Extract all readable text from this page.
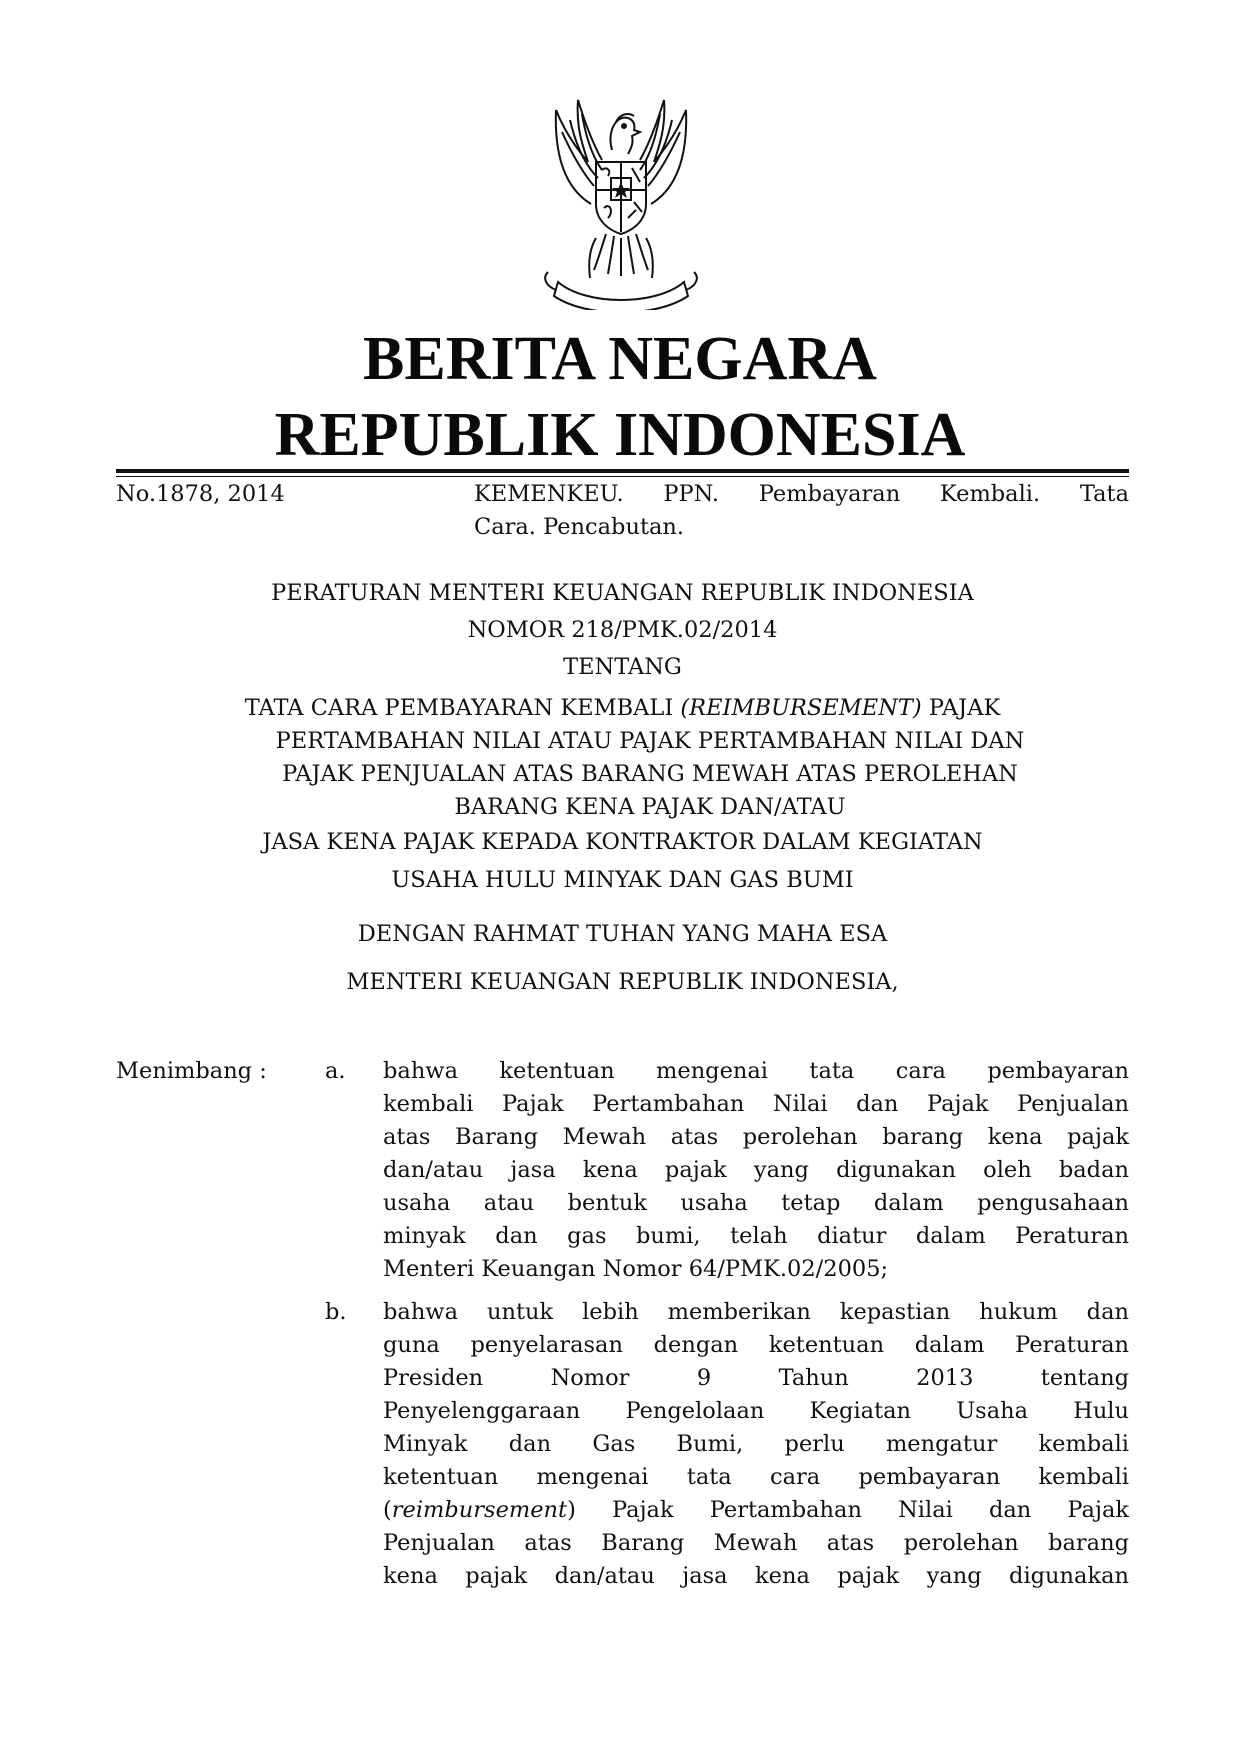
BERITA NEGARA
REPUBLIK INDONESIA
No.1878, 2014	KEMENKEU. PPN. Pembayaran Kembali. Tata
Cara. Pencabutan.
PERATURAN MENTERI KEUANGAN REPUBLIK INDONESIA
NOMOR 218/PMK.02/2014
TENTANG
TATA CARA PEMBAYARAN KEMBALI (REIMBURSEMENT) PAJAK
PERTAMBAHAN NILAI ATAU PAJAK PERTAMBAHAN NILAI DAN
PAJAK PENJUALAN ATAS BARANG MEWAH ATAS PEROLEHAN
BARANG KENA PAJAK DAN/ATAU
JASA KENA PAJAK KEPADA KONTRAKTOR DALAM KEGIATAN
USAHA HULU MINYAK DAN GAS BUMI
DENGAN RAHMAT TUHAN YANG MAHA ESA
MENTERI KEUANGAN REPUBLIK INDONESIA,
Menimbang :	a. bahwa ketentuan mengenai tata cara pembayaran
kembali Pajak Pertambahan Nilai dan Pajak Penjualan
atas Barang Mewah atas perolehan barang kena pajak
dan/atau jasa kena pajak yang digunakan oleh badan
usaha atau bentuk usaha tetap dalam pengusahaan
minyak dan gas bumi, telah diatur dalam Peraturan
Menteri Keuangan Nomor 64/PMK.02/2005;
b. bahwa untuk lebih memberikan kepastian hukum dan
guna penyelarasan dengan ketentuan dalam Peraturan
Presiden Nomor 9 Tahun 2013 tentang
Penyelenggaraan Pengelolaan Kegiatan Usaha Hulu
Minyak dan Gas Bumi, perlu mengatur kembali
ketentuan mengenai tata cara pembayaran kembali
(reimbursement) Pajak Pertambahan Nilai dan Pajak
Penjualan atas Barang Mewah atas perolehan barang
kena pajak dan/atau jasa kena pajak yang digunakan
